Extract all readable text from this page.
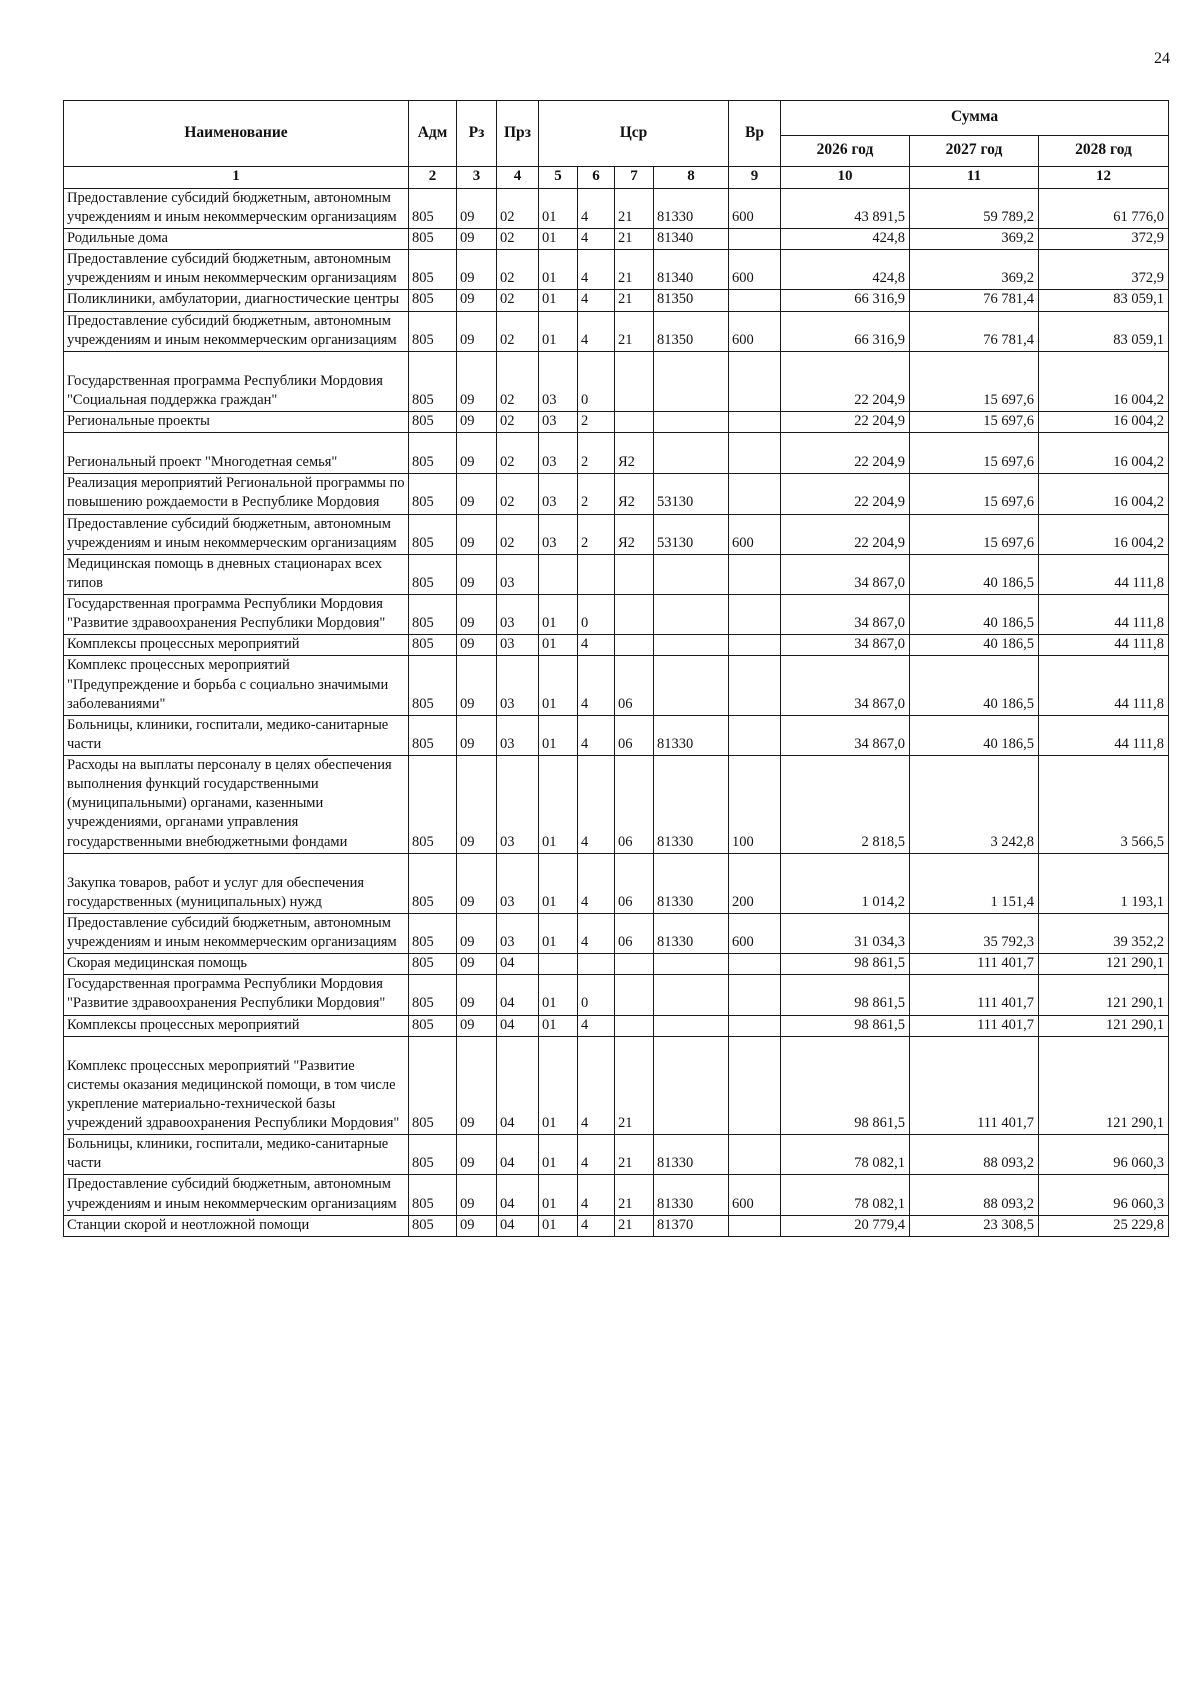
24
Наименование	Адм	Рз	Прз	Цср				Вр	Сумма		
									2026 год	2027 год	2028 год
1	2	3	4	5	6	7	8	9	10	11	12
Предоставление субсидий бюджетным, автономным учреждениям и иным некоммерческим организациям	805	09	02	01	4	21	81330	600	43 891,5	59 789,2	61 776,0
Родильные дома	805	09	02	01	4	21	81340		424,8	369,2	372,9
Предоставление субсидий бюджетным, автономным учреждениям и иным некоммерческим организациям	805	09	02	01	4	21	81340	600	424,8	369,2	372,9
Поликлиники, амбулатории, диагностические центры	805	09	02	01	4	21	81350		66 316,9	76 781,4	83 059,1
Предоставление субсидий бюджетным, автономным учреждениям и иным некоммерческим организациям	805	09	02	01	4	21	81350	600	66 316,9	76 781,4	83 059,1
Государственная программа Республики Мордовия "Социальная поддержка граждан"	805	09	02	03	0				22 204,9	15 697,6	16 004,2
Региональные проекты	805	09	02	03	2				22 204,9	15 697,6	16 004,2
Региональный проект "Многодетная семья"	805	09	02	03	2	Я2			22 204,9	15 697,6	16 004,2
Реализация мероприятий Региональной программы по повышению рождаемости в Республике Мордовия	805	09	02	03	2	Я2	53130		22 204,9	15 697,6	16 004,2
Предоставление субсидий бюджетным, автономным учреждениям и иным некоммерческим организациям	805	09	02	03	2	Я2	53130	600	22 204,9	15 697,6	16 004,2
Медицинская помощь в дневных стационарах всех типов	805	09	03						34 867,0	40 186,5	44 111,8
Государственная программа Республики Мордовия "Развитие здравоохранения Республики Мордовия"	805	09	03	01	0				34 867,0	40 186,5	44 111,8
Комплексы процессных мероприятий	805	09	03	01	4				34 867,0	40 186,5	44 111,8
Комплекс процессных мероприятий "Предупреждение и борьба с социально значимыми заболеваниями"	805	09	03	01	4	06			34 867,0	40 186,5	44 111,8
Больницы, клиники, госпитали, медико-санитарные части	805	09	03	01	4	06	81330		34 867,0	40 186,5	44 111,8
Расходы на выплаты персоналу в целях обеспечения выполнения функций государственными (муниципальными) органами, казенными учреждениями, органами управления государственными внебюджетными фондами	805	09	03	01	4	06	81330	100	2 818,5	3 242,8	3 566,5
Закупка товаров, работ и услуг для обеспечения государственных (муниципальных) нужд	805	09	03	01	4	06	81330	200	1 014,2	1 151,4	1 193,1
Предоставление субсидий бюджетным, автономным учреждениям и иным некоммерческим организациям	805	09	03	01	4	06	81330	600	31 034,3	35 792,3	39 352,2
Скорая медицинская помощь	805	09	04						98 861,5	111 401,7	121 290,1
Государственная программа Республики Мордовия "Развитие здравоохранения Республики Мордовия"	805	09	04	01	0				98 861,5	111 401,7	121 290,1
Комплексы процессных мероприятий	805	09	04	01	4				98 861,5	111 401,7	121 290,1
Комплекс процессных мероприятий "Развитие системы оказания медицинской помощи, в том числе укрепление материально-технической базы учреждений здравоохранения Республики Мордовия"	805	09	04	01	4	21			98 861,5	111 401,7	121 290,1
Больницы, клиники, госпитали, медико-санитарные части	805	09	04	01	4	21	81330		78 082,1	88 093,2	96 060,3
Предоставление субсидий бюджетным, автономным учреждениям и иным некоммерческим организациям	805	09	04	01	4	21	81330	600	78 082,1	88 093,2	96 060,3
Станции скорой и неотложной помощи	805	09	04	01	4	21	81370		20 779,4	23 308,5	25 229,8
